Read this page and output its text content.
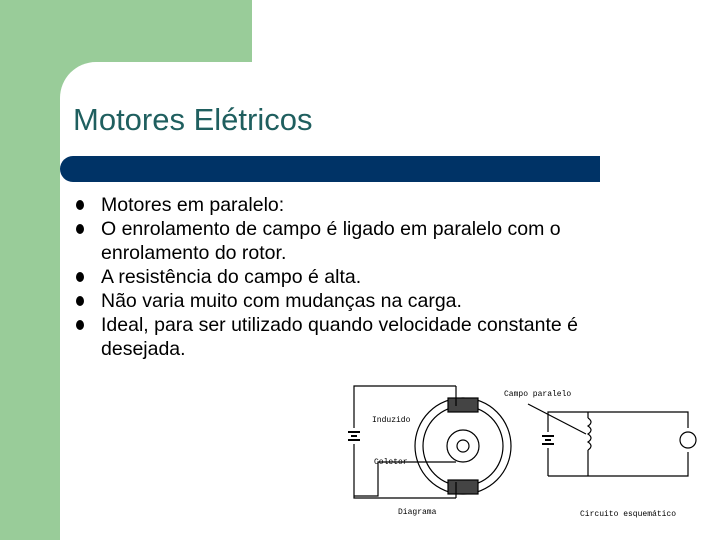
Motores Elétricos
Motores em paralelo:
O enrolamento de campo é ligado em paralelo com o enrolamento do rotor.
A resistência do campo é alta.
Não varia muito com mudanças na carga.
Ideal, para ser utilizado quando velocidade constante é desejada.
Induzido
Coletor
Campo paralelo
Diagrama	Circuito esquemático
